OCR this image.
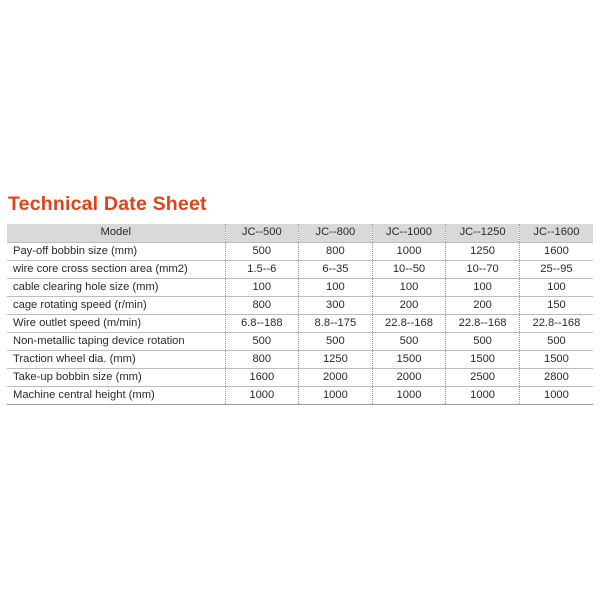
Technical Date Sheet
Model	JC--500	JC--800	JC--1000	JC--1250	JC--1600
Pay-off bobbin size (mm)	500	800	1000	1250	1600
wire core cross section area (mm2)	1.5--6	6--35	10--50	10--70	25--95
cable clearing hole size (mm)	100	100	100	100	100
cage rotating speed (r/min)	800	300	200	200	150
Wire outlet speed (m/min)	6.8--188	8.8--175	22.8--168	22.8--168	22.8--168
Non-metallic taping device rotation	500	500	500	500	500
Traction wheel dia. (mm)	800	1250	1500	1500	1500
Take-up bobbin size (mm)	1600	2000	2000	2500	2800
Machine central height (mm)	1000	1000	1000	1000	1000
